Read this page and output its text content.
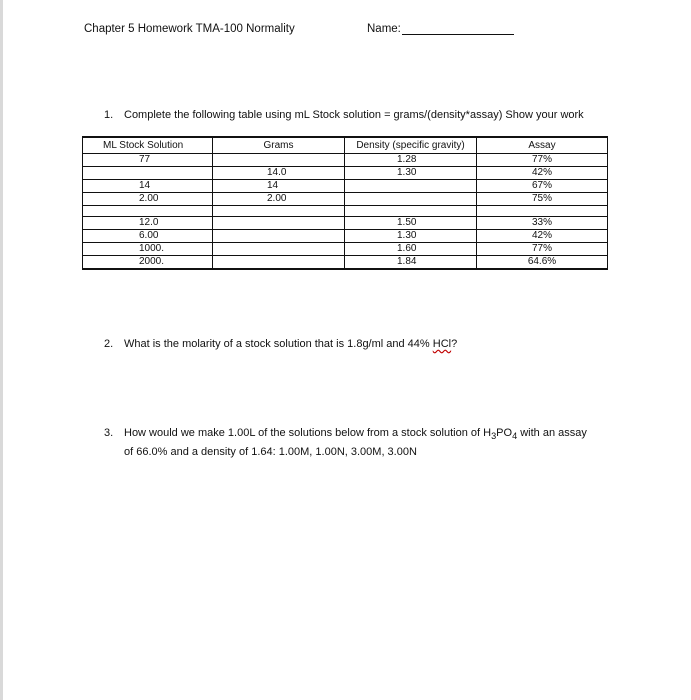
Chapter 5 Homework TMA-100 Normality	Name:
1. Complete the following table using mL Stock solution = grams/(density*assay) Show your work
ML Stock Solution	Grams	Density (specific gravity)	Assay
77		1.28	77%
	14.0	1.30	42%
14	14		67%
2.00	2.00		75%

12.0		1.50	33%
6.00		1.30	42%
1000.		1.60	77%
2000.		1.84	64.6%
2. What is the molarity of a stock solution that is 1.8g/ml and 44% HCl?
3. How would we make 1.00L of the solutions below from a stock solution of $H_3PO_4$ with an assay
of 66.0% and a density of 1.64: 1.00M, 1.00N, 3.00M, 3.00N
